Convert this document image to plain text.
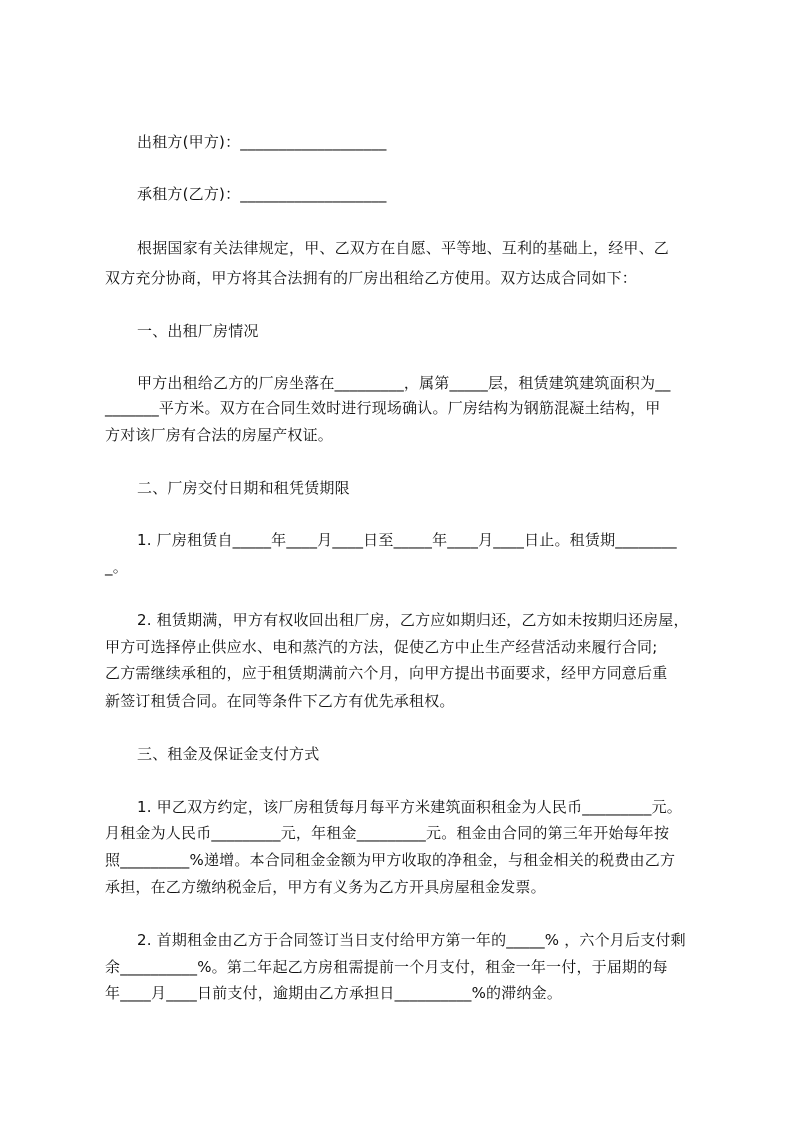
出租方(甲方)：___________________
承租方(乙方)：___________________
根据国家有关法律规定，甲、乙双方在自愿、平等地、互利的基础上，经甲、乙
双方充分协商，甲方将其合法拥有的厂房出租给乙方使用。双方达成合同如下：
一、出租厂房情况
甲方出租给乙方的厂房坐落在_________，属第_____层，租赁建筑建筑面积为__
_______平方米。双方在合同生效时进行现场确认。厂房结构为钢筋混凝土结构，甲
方对该厂房有合法的房屋产权证。
二、厂房交付日期和租凭赁期限
1. 厂房租赁自_____年____月____日至_____年____月____日止。租赁期________
_。
2. 租赁期满，甲方有权收回出租厂房，乙方应如期归还，乙方如未按期归还房屋，
甲方可选择停止供应水、电和蒸汽的方法，促使乙方中止生产经营活动来履行合同;
乙方需继续承租的，应于租赁期满前六个月，向甲方提出书面要求，经甲方同意后重
新签订租赁合同。在同等条件下乙方有优先承租权。
三、租金及保证金支付方式
1. 甲乙双方约定，该厂房租赁每月每平方米建筑面积租金为人民币_________元。
月租金为人民币_________元，年租金_________元。租金由合同的第三年开始每年按
照_________%递增。本合同租金金额为甲方收取的净租金，与租金相关的税费由乙方
承担，在乙方缴纳税金后，甲方有义务为乙方开具房屋租金发票。
2. 首期租金由乙方于合同签订当日支付给甲方第一年的_____% ，六个月后支付剩
余__________%。第二年起乙方房租需提前一个月支付，租金一年一付，于届期的每
年____月____日前支付，逾期由乙方承担日__________%的滞纳金。
